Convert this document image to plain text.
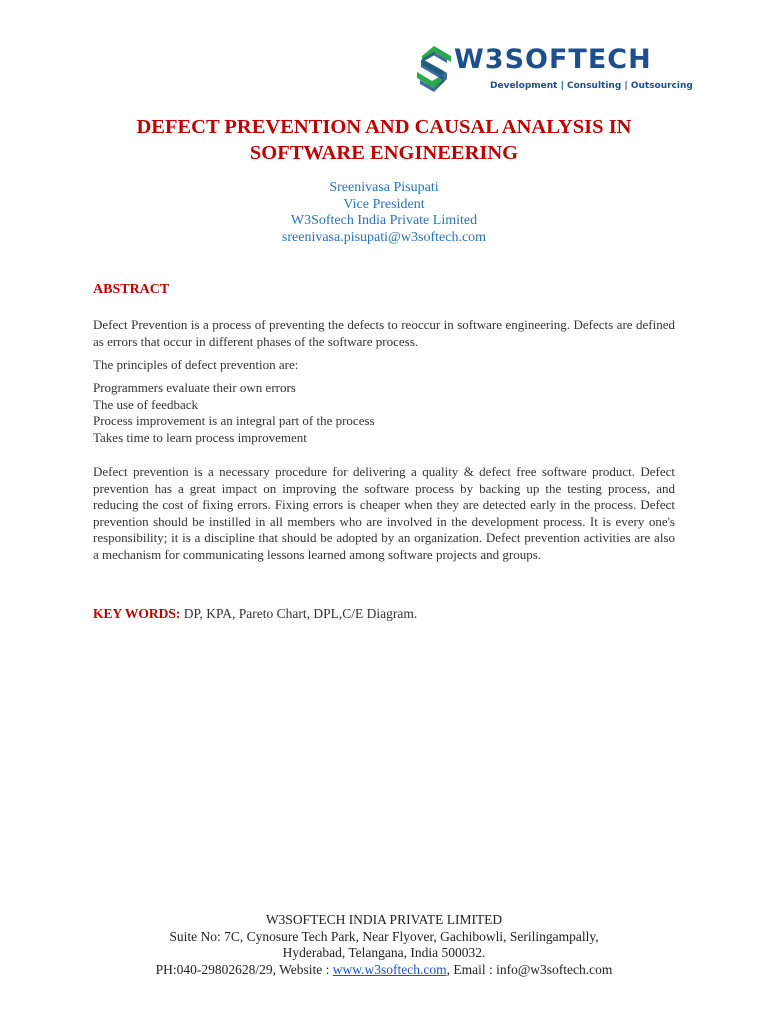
W3SOFTECH
Development | Consulting | Outsourcing
DEFECT PREVENTION AND CAUSAL ANALYSIS IN
SOFTWARE ENGINEERING
Sreenivasa Pisupati
Vice President
W3Softech India Private Limited
sreenivasa.pisupati@w3softech.com
ABSTRACT
Defect Prevention is a process of preventing the defects to reoccur in software engineering. Defects are defined as errors that occur in different phases of the software process.
The principles of defect prevention are:
Programmers evaluate their own errors
The use of feedback
Process improvement is an integral part of the process
Takes time to learn process improvement
Defect prevention is a necessary procedure for delivering a quality & defect free software product. Defect prevention has a great impact on improving the software process by backing up the testing process, and reducing the cost of fixing errors. Fixing errors is cheaper when they are detected early in the process. Defect prevention should be instilled in all members who are involved in the development process. It is every one's responsibility; it is a discipline that should be adopted by an organization. Defect prevention activities are also a mechanism for communicating lessons learned among software projects and groups.
KEY WORDS: DP, KPA, Pareto Chart, DPL,C/E Diagram.
W3SOFTECH INDIA PRIVATE LIMITED
Suite No: 7C, Cynosure Tech Park, Near Flyover, Gachibowli, Serilingampally,
Hyderabad, Telangana, India 500032.
PH:040-29802628/29, Website : www.w3softech.com, Email : info@w3softech.com
